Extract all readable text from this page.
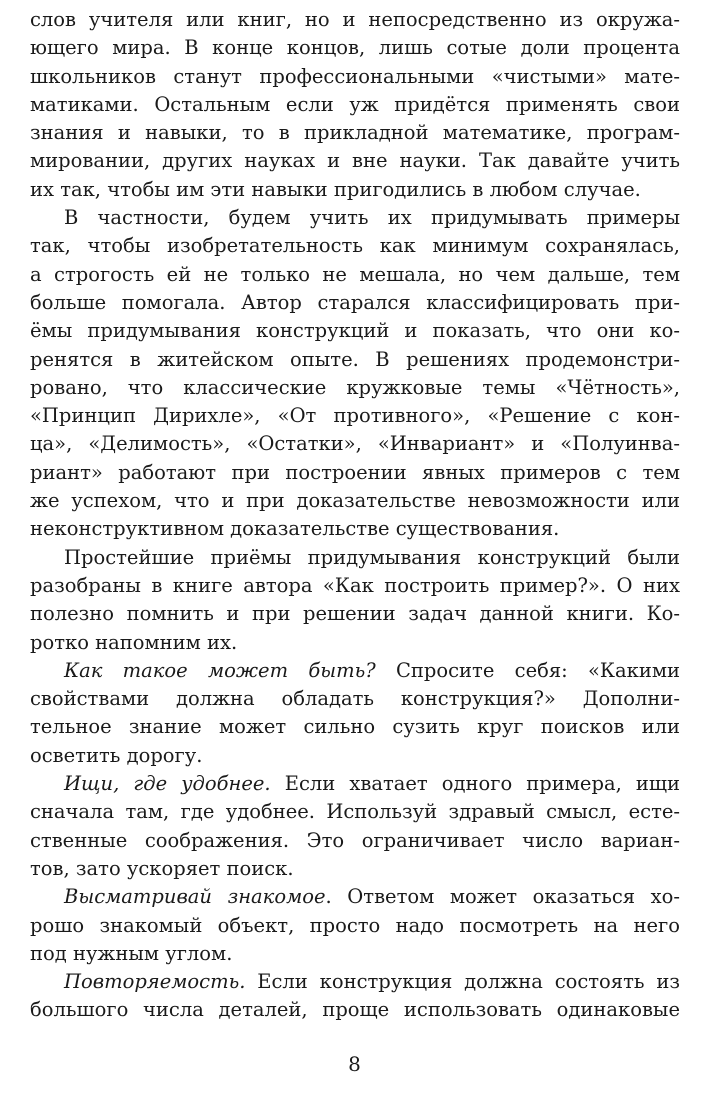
слов учителя или книг, но и непосредственно из окружа-
ющего мира. В конце концов, лишь сотые доли процента
школьников станут профессиональными «чистыми» мате-
матиками. Остальным если уж придётся применять свои
знания и навыки, то в прикладной математике, програм-
мировании, других науках и вне науки. Так давайте учить
их так, чтобы им эти навыки пригодились в любом случае.
В частности, будем учить их придумывать примеры
так, чтобы изобретательность как минимум сохранялась,
а строгость ей не только не мешала, но чем дальше, тем
больше помогала. Автор старался классифицировать при-
ёмы придумывания конструкций и показать, что они ко-
ренятся в житейском опыте. В решениях продемонстри-
ровано, что классические кружковые темы «Чётность»,
«Принцип Дирихле», «От противного», «Решение с кон-
ца», «Делимость», «Остатки», «Инвариант» и «Полуинва-
риант» работают при построении явных примеров с тем
же успехом, что и при доказательстве невозможности или
неконструктивном доказательстве существования.
Простейшие приёмы придумывания конструкций были
разобраны в книге автора «Как построить пример?». О них
полезно помнить и при решении задач данной книги. Ко-
ротко напомним их.
Как такое может быть? Спросите себя: «Какими
свойствами должна обладать конструкция?» Дополни-
тельное знание может сильно сузить круг поисков или
осветить дорогу.
Ищи, где удобнее. Если хватает одного примера, ищи
сначала там, где удобнее. Используй здравый смысл, есте-
ственные соображения. Это ограничивает число вариан-
тов, зато ускоряет поиск.
Высматривай знакомое. Ответом может оказаться хо-
рошо знакомый объект, просто надо посмотреть на него
под нужным углом.
Повторяемость. Если конструкция должна состоять из
большого числа деталей, проще использовать одинаковые
8
